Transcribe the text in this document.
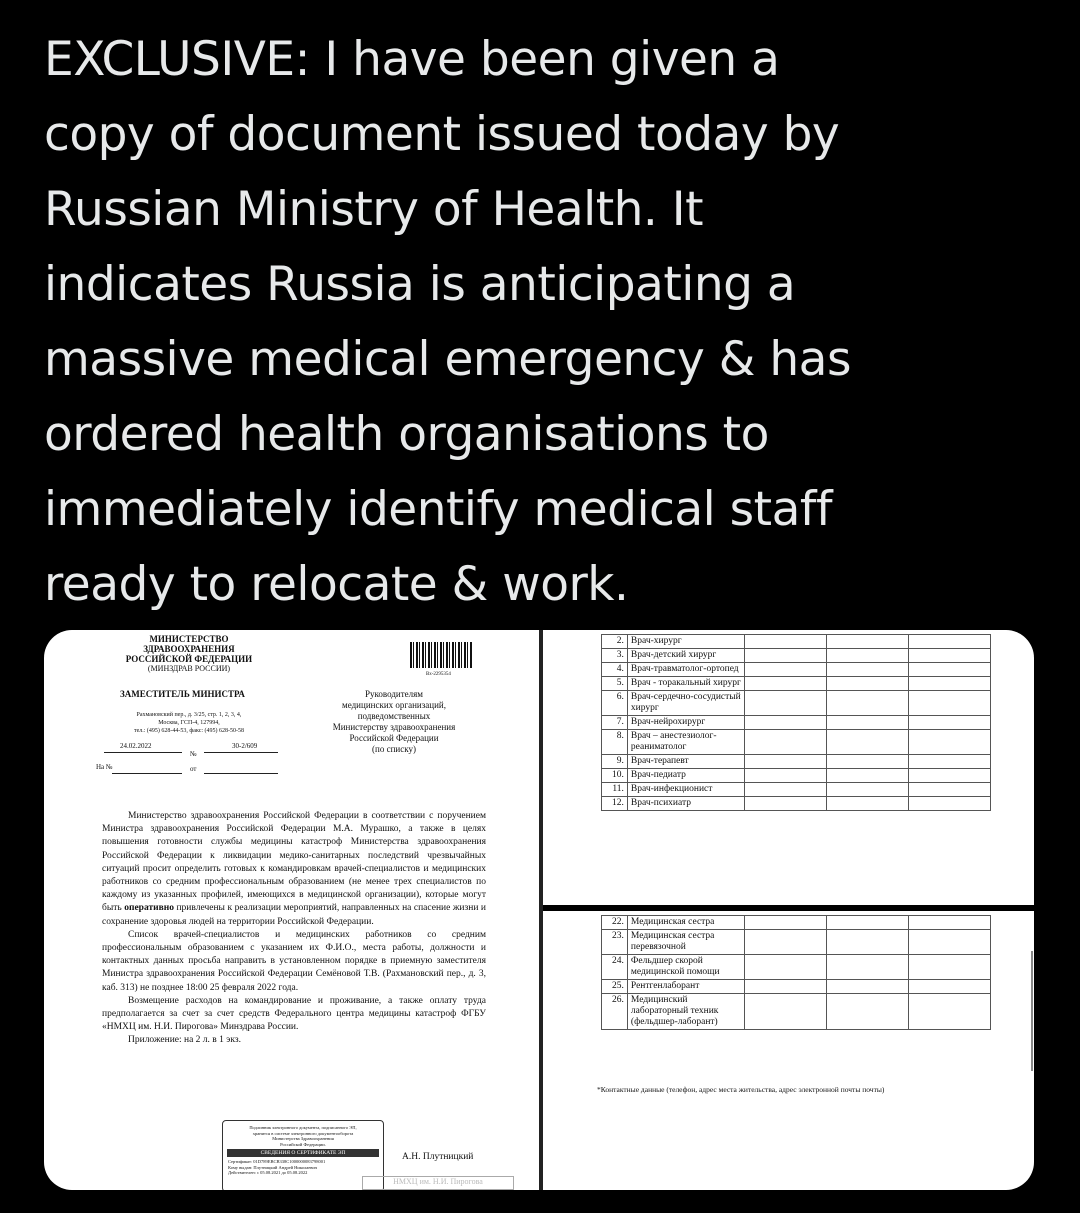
EXCLUSIVE: I have been given a
copy of document issued today by
Russian Ministry of Health. It
indicates Russia is anticipating a
massive medical emergency & has
ordered health organisations to
immediately identify medical staff
ready to relocate & work.
МИНИСТЕРСТВО
ЗДРАВООХРАНЕНИЯ
РОССИЙСКОЙ ФЕДЕРАЦИИ
(МИНЗДРАВ РОССИИ)
Вх-2295354
ЗАМЕСТИТЕЛЬ МИНИСТРА
Рахмановский пер., д. 3/25, стр. 1, 2, 3, 4,
Москва, ГСП-4, 127994,
тел.: (495) 628-44-53, факс: (495) 628-50-58
24.02.2022
№
30-2/609
На №	от
Руководителям
медицинских организаций,
подведомственных
Министерству здравоохранения
Российской Федерации
(по списку)
Министерство здравоохранения Российской Федерации в соответствии с поручением Министра здравоохранения Российской Федерации М.А. Мурашко, а также в целях повышения готовности службы медицины катастроф Министерства здравоохранения Российской Федерации к ликвидации медико-санитарных последствий чрезвычайных ситуаций просит определить готовых к командировкам врачей-специалистов и медицинских работников со средним профессиональным образованием (не менее трех специалистов по каждому из указанных профилей, имеющихся в медицинской организации), которые могут быть оперативно привлечены к реализации мероприятий, направленных на спасение жизни и сохранение здоровья людей на территории Российской Федерации.
Список врачей-специалистов и медицинских работников со средним профессиональным образованием с указанием их Ф.И.О., места работы, должности и контактных данных просьба направить в установленном порядке в приемную заместителя Министра здравоохранения Российской Федерации Семёновой Т.В. (Рахмановский пер., д. 3, каб. 313) не позднее 18:00 25 февраля 2022 года.
Возмещение расходов на командирование и проживание, а также оплату труда предполагается за счет за счет средств Федерального центра медицины катастроф ФГБУ «НМХЦ им. Н.И. Пирогова» Минздрава России.
Приложение: на 2 л. в 1 экз.
Подлинник электронного документа, подписанного ЭП,
хранится в системе электронного документооборота
Министерства Здравоохранения
Российской Федерации.
СВЕДЕНИЯ О СЕРТИФИКАТЕ ЭП
Сертификат: 01D789EBCB338C1000000083798001
Кому выдан: Плутницкий Андрей Николаевич
Действителен: с 05.08.2021 до 05.08.2022
А.Н. Плутницкий
НМХЦ им. Н.И. Пирогова
2.	Врач-хирург			
3.	Врач-детский хирург			
4.	Врач-травматолог-ортопед			
5.	Врач - торакальный хирург			
6.	Врач-сердечно-сосудистый хирург			
7.	Врач-нейрохирург			
8.	Врач – анестезиолог-реаниматолог			
9.	Врач-терапевт			
10.	Врач-педиатр			
11.	Врач-инфекционист			
12.	Врач-психиатр			
22.	Медицинская сестра			
23.	Медицинская сестра перевязочной			
24.	Фельдшер скорой медицинской помощи			
25.	Рентгенлаборант			
26.	Медицинский лабораторный техник (фельдшер-лаборант)			
*Контактные данные (телефон, адрес места жительства, адрес электронной почты почты)
